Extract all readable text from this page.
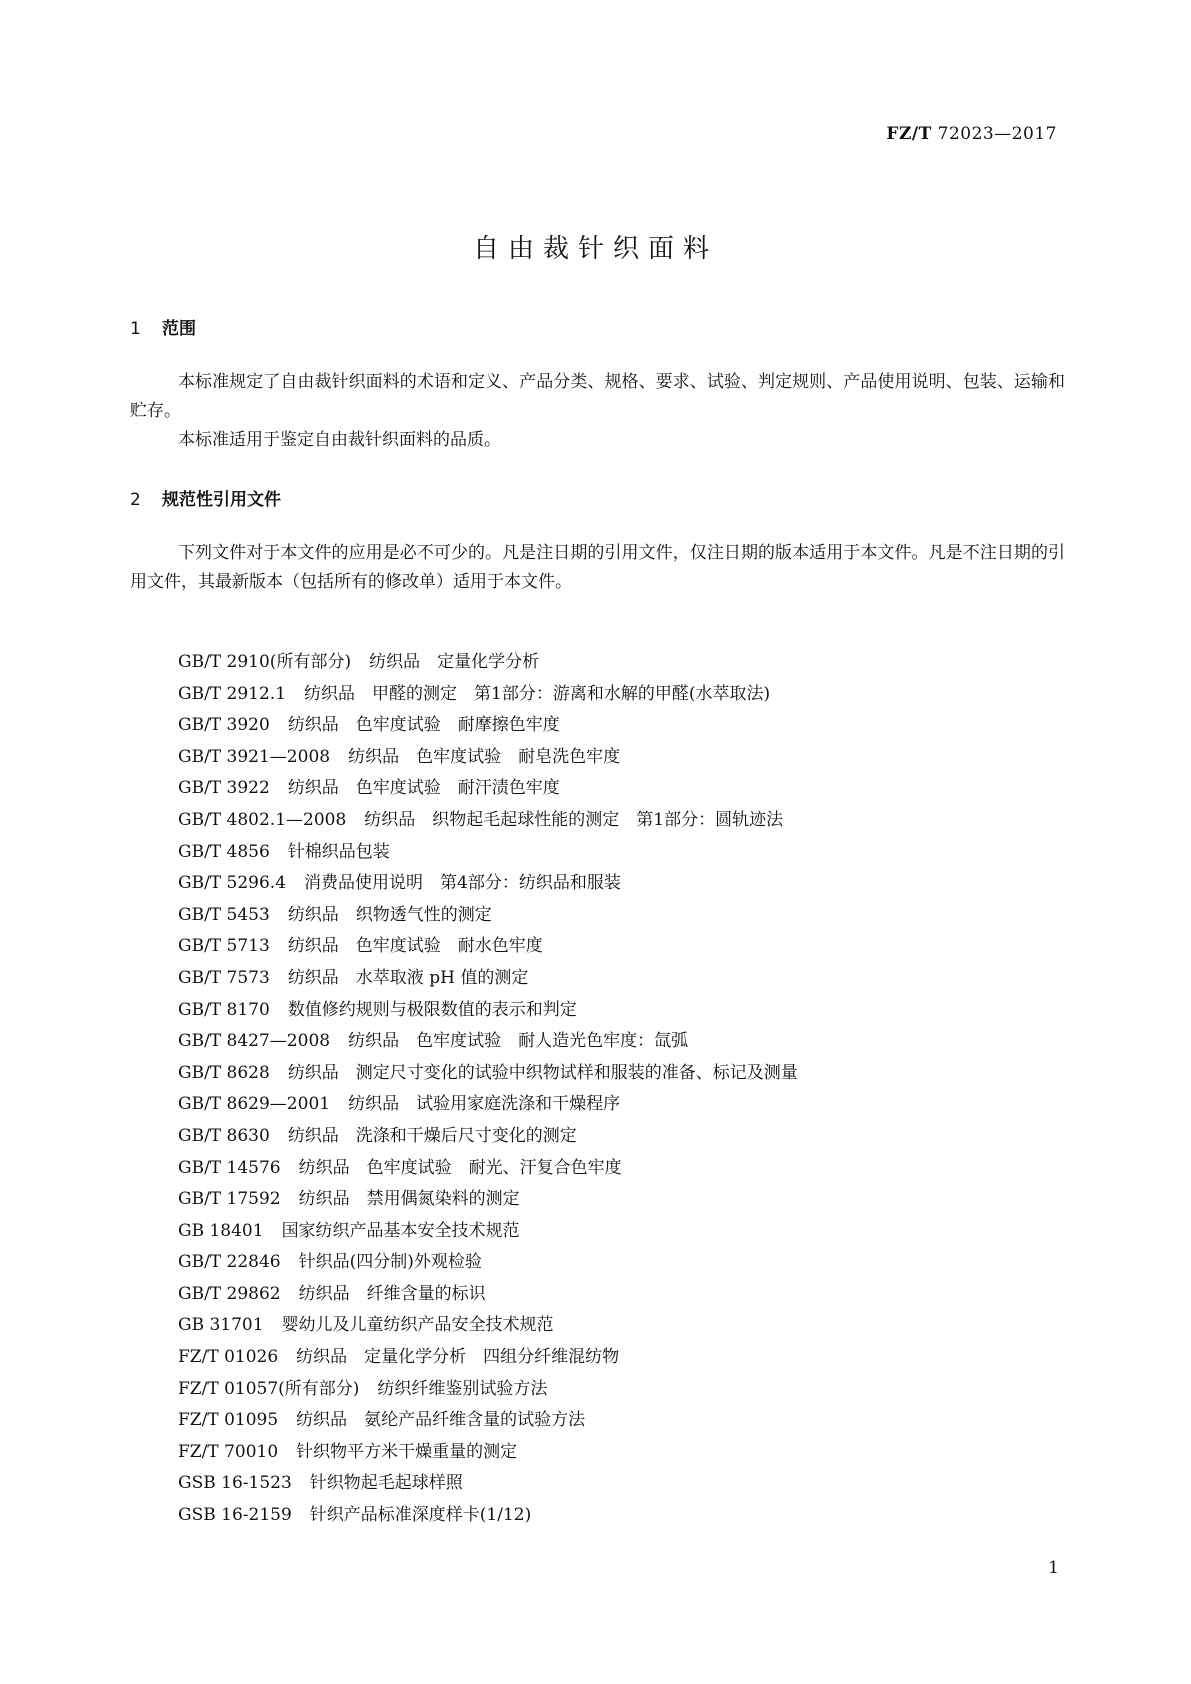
FZ/T 72023—2017
自由裁针织面料
1 范围
本标准规定了自由裁针织面料的术语和定义、产品分类、规格、要求、试验、判定规则、产品使用说明、包装、运输和贮存。
本标准适用于鉴定自由裁针织面料的品质。
2 规范性引用文件
下列文件对于本文件的应用是必不可少的。凡是注日期的引用文件，仅注日期的版本适用于本文件。凡是不注日期的引用文件，其最新版本（包括所有的修改单）适用于本文件。
GB/T 2910(所有部分) 纺织品　定量化学分析
GB/T 2912.1 纺织品　甲醛的测定　第1部分：游离和水解的甲醛(水萃取法)
GB/T 3920 纺织品　色牢度试验　耐摩擦色牢度
GB/T 3921—2008 纺织品　色牢度试验　耐皂洗色牢度
GB/T 3922 纺织品　色牢度试验　耐汗渍色牢度
GB/T 4802.1—2008 纺织品　织物起毛起球性能的测定　第1部分：圆轨迹法
GB/T 4856 针棉织品包装
GB/T 5296.4 消费品使用说明　第4部分：纺织品和服装
GB/T 5453 纺织品　织物透气性的测定
GB/T 5713 纺织品　色牢度试验　耐水色牢度
GB/T 7573 纺织品　水萃取液 pH 值的测定
GB/T 8170 数值修约规则与极限数值的表示和判定
GB/T 8427—2008 纺织品　色牢度试验　耐人造光色牢度：氙弧
GB/T 8628 纺织品　测定尺寸变化的试验中织物试样和服装的准备、标记及测量
GB/T 8629—2001 纺织品　试验用家庭洗涤和干燥程序
GB/T 8630 纺织品　洗涤和干燥后尺寸变化的测定
GB/T 14576 纺织品　色牢度试验　耐光、汗复合色牢度
GB/T 17592 纺织品　禁用偶氮染料的测定
GB 18401 国家纺织产品基本安全技术规范
GB/T 22846 针织品(四分制)外观检验
GB/T 29862 纺织品　纤维含量的标识
GB 31701 婴幼儿及儿童纺织产品安全技术规范
FZ/T 01026 纺织品　定量化学分析　四组分纤维混纺物
FZ/T 01057(所有部分) 纺织纤维鉴别试验方法
FZ/T 01095 纺织品　氨纶产品纤维含量的试验方法
FZ/T 70010 针织物平方米干燥重量的测定
GSB 16-1523 针织物起毛起球样照
GSB 16-2159 针织产品标准深度样卡(1/12)
1
